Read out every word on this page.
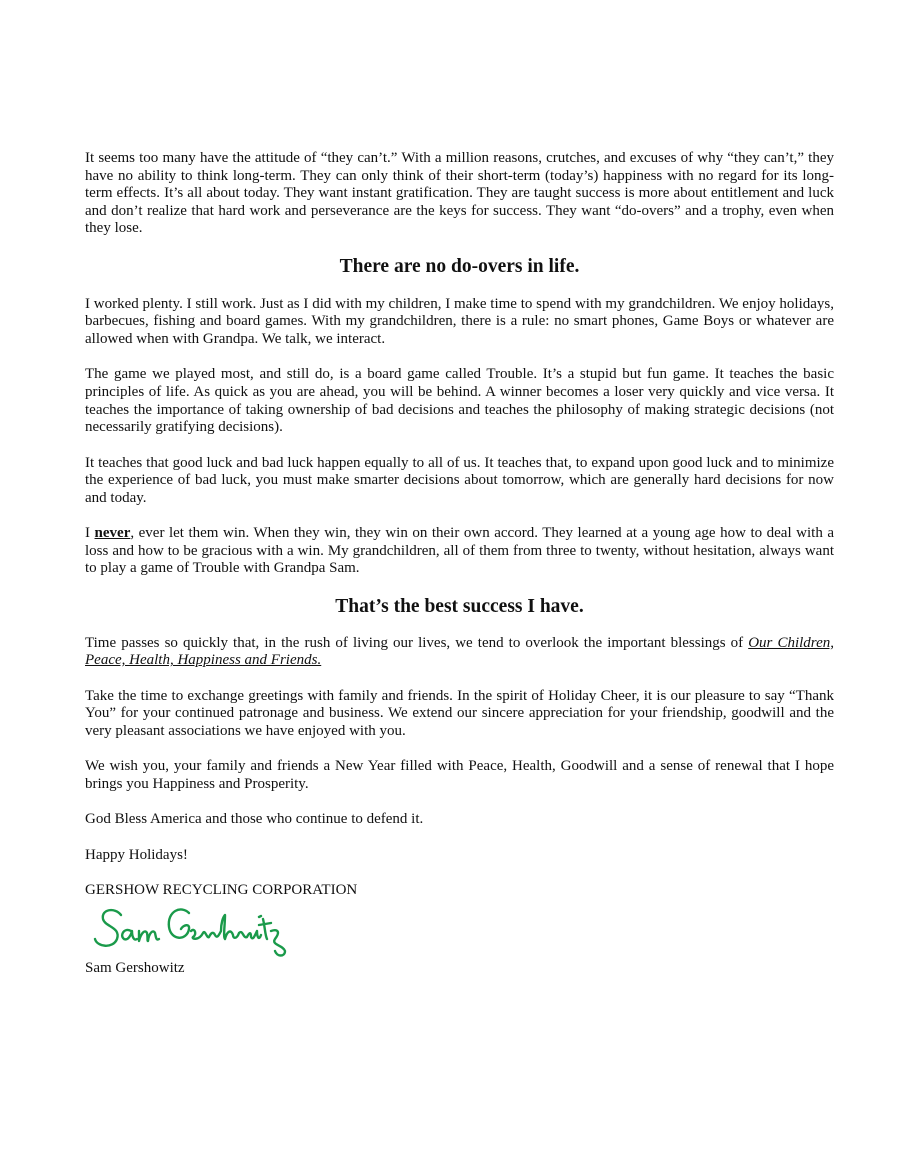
It seems too many have the attitude of “they can’t.” With a million reasons, crutches, and excuses of why “they can’t,” they have no ability to think long-term. They can only think of their short-term (today’s) happiness with no regard for its long-term effects. It’s all about today. They want instant gratification. They are taught success is more about entitlement and luck and don’t realize that hard work and perseverance are the keys for success. They want “do-overs” and a trophy, even when they lose.

There are no do-overs in life.

I worked plenty. I still work. Just as I did with my children, I make time to spend with my grandchildren. We enjoy holidays, barbecues, fishing and board games. With my grandchildren, there is a rule: no smart phones, Game Boys or whatever are allowed when with Grandpa. We talk, we interact.

The game we played most, and still do, is a board game called Trouble. It’s a stupid but fun game. It teaches the basic principles of life. As quick as you are ahead, you will be behind. A winner becomes a loser very quickly and vice versa. It teaches the importance of taking ownership of bad decisions and teaches the philosophy of making strategic decisions (not necessarily gratifying decisions).

It teaches that good luck and bad luck happen equally to all of us. It teaches that, to expand upon good luck and to minimize the experience of bad luck, you must make smarter decisions about tomorrow, which are generally hard decisions for now and today.

I never, ever let them win. When they win, they win on their own accord. They learned at a young age how to deal with a loss and how to be gracious with a win. My grandchildren, all of them from three to twenty, without hesitation, always want to play a game of Trouble with Grandpa Sam.

That’s the best success I have.

Time passes so quickly that, in the rush of living our lives, we tend to overlook the important blessings of Our Children, Peace, Health, Happiness and Friends.

Take the time to exchange greetings with family and friends. In the spirit of Holiday Cheer, it is our pleasure to say “Thank You” for your continued patronage and business. We extend our sincere appreciation for your friendship, goodwill and the very pleasant associations we have enjoyed with you.

We wish you, your family and friends a New Year filled with Peace, Health, Goodwill and a sense of renewal that I hope brings you Happiness and Prosperity.

God Bless America and those who continue to defend it.

Happy Holidays!

GERSHOW RECYCLING CORPORATION

Sam Gershowitz
